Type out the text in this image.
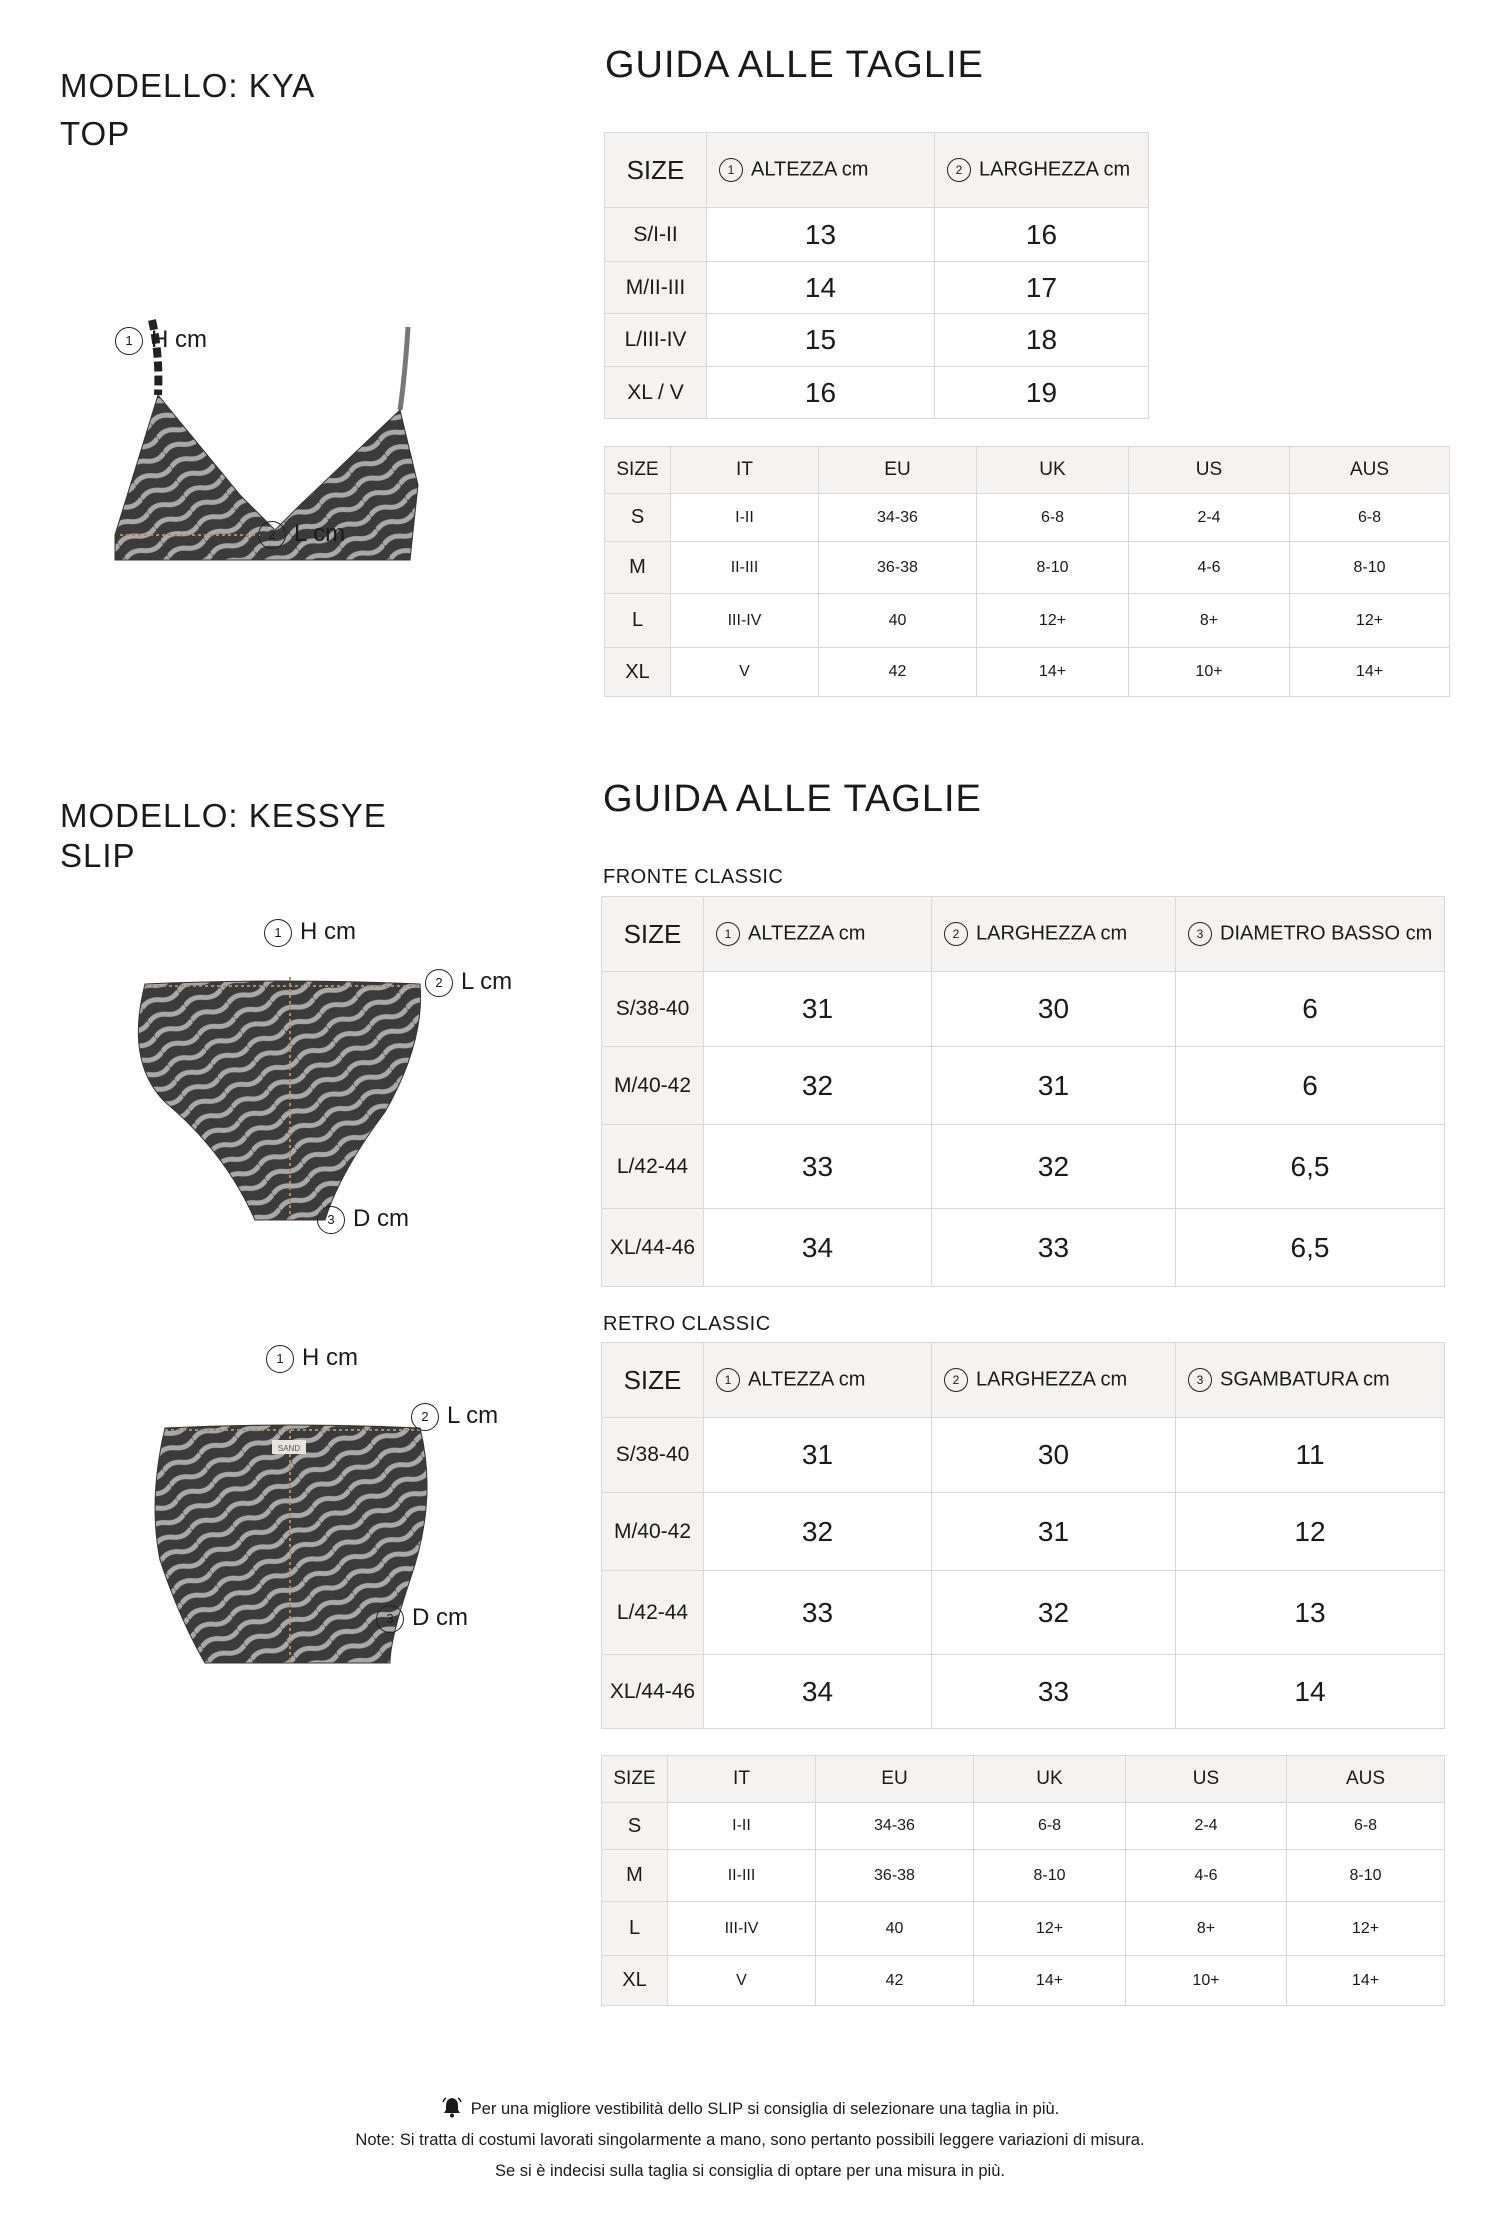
MODELLO: KYA
TOP
GUIDA ALLE TAGLIE
1 H cm
2 L cm
SIZE	1 ALTEZZA cm	2 LARGHEZZA cm
S/I-II	13	16
M/II-III	14	17
L/III-IV	15	18
XL / V	16	19
SIZE	IT	EU	UK	US	AUS
S	I-II	34-36	6-8	2-4	6-8
M	II-III	36-38	8-10	4-6	8-10
L	III-IV	40	12+	8+	12+
XL	V	42	14+	10+	14+
MODELLO: KESSYE
SLIP
GUIDA ALLE TAGLIE
1 H cm
2 L cm
3 D cm
SAND
1 H cm
2 L cm
3 D cm
FRONTE CLASSIC
SIZE	1 ALTEZZA cm	2 LARGHEZZA cm	3 DIAMETRO BASSO cm
S/38-40	31	30	6
M/40-42	32	31	6
L/42-44	33	32	6,5
XL/44-46	34	33	6,5
RETRO CLASSIC
SIZE	1 ALTEZZA cm	2 LARGHEZZA cm	3 SGAMBATURA cm
S/38-40	31	30	11
M/40-42	32	31	12
L/42-44	33	32	13
XL/44-46	34	33	14
SIZE	IT	EU	UK	US	AUS
S	I-II	34-36	6-8	2-4	6-8
M	II-III	36-38	8-10	4-6	8-10
L	III-IV	40	12+	8+	12+
XL	V	42	14+	10+	14+
Per una migliore vestibilità dello SLIP si consiglia di selezionare una taglia in più.
Note: Si tratta di costumi lavorati singolarmente a mano, sono pertanto possibili leggere variazioni di misura.
Se si è indecisi sulla taglia si consiglia di optare per una misura in più.
